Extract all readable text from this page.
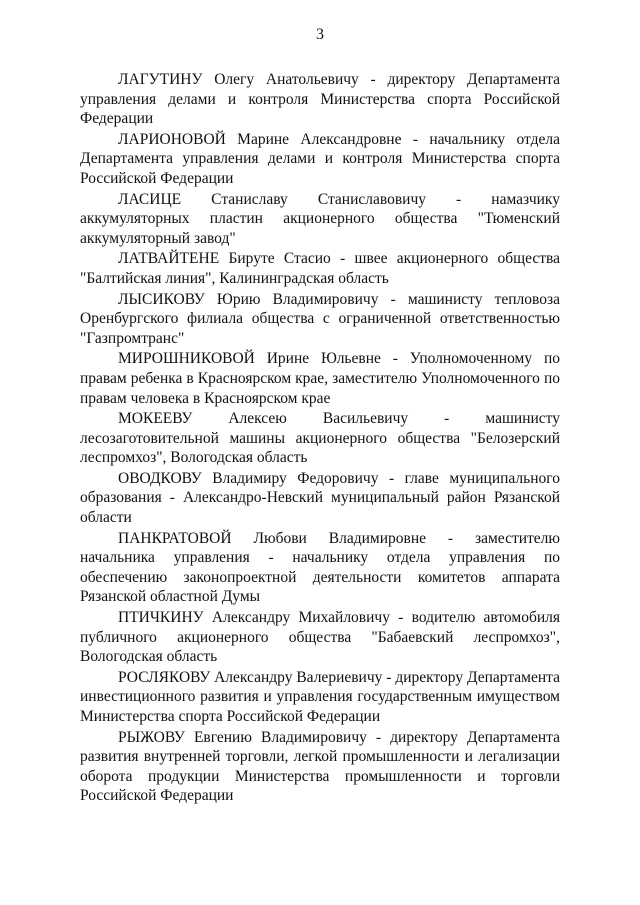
3

ЛАГУТИНУ Олегу Анатольевичу - директору Департамента управления делами и контроля Министерства спорта Российской Федерации

ЛАРИОНОВОЙ Марине Александровне - начальнику отдела Департамента управления делами и контроля Министерства спорта Российской Федерации

ЛАСИЦЕ Станиславу Станиславовичу - намазчику аккумуляторных пластин акционерного общества "Тюменский аккумуляторный завод"

ЛАТВАЙТЕНЕ Бируте Стасио - швее акционерного общества "Балтийская линия", Калининградская область

ЛЫСИКОВУ Юрию Владимировичу - машинисту тепловоза Оренбургского филиала общества с ограниченной ответственностью "Газпромтранс"

МИРОШНИКОВОЙ Ирине Юльевне - Уполномоченному по правам ребенка в Красноярском крае, заместителю Уполномоченного по правам человека в Красноярском крае

МОКЕЕВУ Алексею Васильевичу - машинисту лесозаготовительной машины акционерного общества "Белозерский леспромхоз", Вологодская область

ОВОДКОВУ Владимиру Федоровичу - главе муниципального образования - Александро-Невский муниципальный район Рязанской области

ПАНКРАТОВОЙ Любови Владимировне - заместителю начальника управления - начальнику отдела управления по обеспечению законопроектной деятельности комитетов аппарата Рязанской областной Думы

ПТИЧКИНУ Александру Михайловичу - водителю автомобиля публичного акционерного общества "Бабаевский леспромхоз", Вологодская область

РОСЛЯКОВУ Александру Валериевичу - директору Департамента инвестиционного развития и управления государственным имуществом Министерства спорта Российской Федерации

РЫЖОВУ Евгению Владимировичу - директору Департамента развития внутренней торговли, легкой промышленности и легализации оборота продукции Министерства промышленности и торговли Российской Федерации
